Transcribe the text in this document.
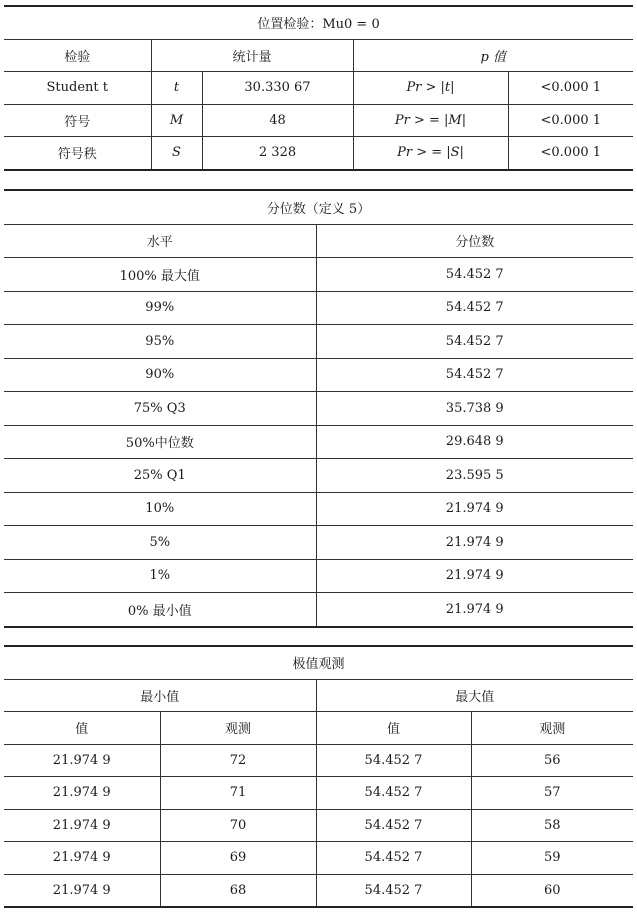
位置检验：Mu0 = 0				
检验	统计量		p 值	
Student t	t	30.330 67	Pr > |t|	<0.000 1
符号	M	48	Pr > = |M|	<0.000 1
符号秩	S	2 328	Pr > = |S|	<0.000 1
分位数（定义 5）	
水平	分位数
100% 最大值	54.452 7
99%	54.452 7
95%	54.452 7
90%	54.452 7
75% Q3	35.738 9
50%中位数	29.648 9
25% Q1	23.595 5
10%	21.974 9
5%	21.974 9
1%	21.974 9
0% 最小值	21.974 9
极值观测			
最小值		最大值	
值	观测	值	观测
21.974 9	72	54.452 7	56
21.974 9	71	54.452 7	57
21.974 9	70	54.452 7	58
21.974 9	69	54.452 7	59
21.974 9	68	54.452 7	60
